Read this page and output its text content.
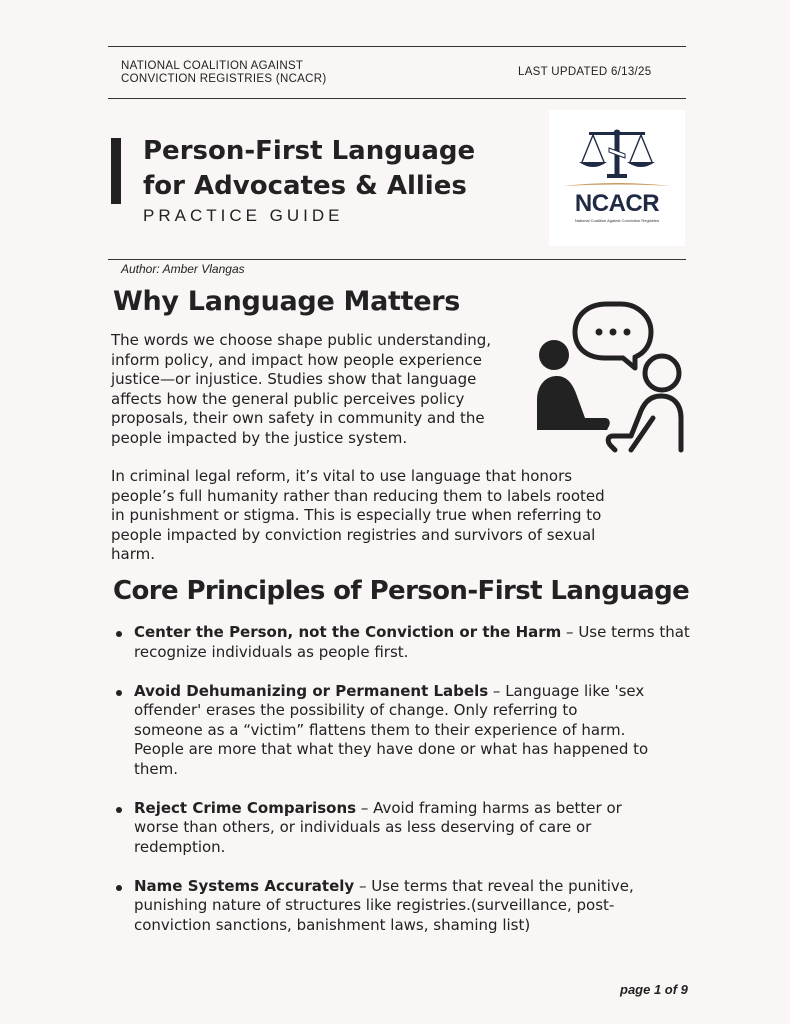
NATIONAL COALITION AGAINST
CONVICTION REGISTRIES (NCACR)
LAST UPDATED 6/13/25
Person-First Language
for Advocates & Allies
PRACTICE GUIDE	NCACR
National Coalition Against Conviction Registries
Author: Amber Vlangas
Why Language Matters
The words we choose shape public understanding,
inform policy, and impact how people experience
justice—or injustice. Studies show that language
affects how the general public perceives policy
proposals, their own safety in community and the
people impacted by the justice system.
In criminal legal reform, it’s vital to use language that honors
people’s full humanity rather than reducing them to labels rooted
in punishment or stigma. This is especially true when referring to
people impacted by conviction registries and survivors of sexual
harm.
Core Principles of Person-First Language
Center the Person, not the Conviction or the Harm – Use terms that
recognize individuals as people first.
Avoid Dehumanizing or Permanent Labels – Language like 'sex
offender' erases the possibility of change. Only referring to
someone as a “victim” flattens them to their experience of harm.
People are more that what they have done or what has happened to
them.
Reject Crime Comparisons – Avoid framing harms as better or
worse than others, or individuals as less deserving of care or
redemption.
Name Systems Accurately – Use terms that reveal the punitive,
punishing nature of structures like registries.(surveillance, post-
conviction sanctions, banishment laws, shaming list)
page 1 of 9
